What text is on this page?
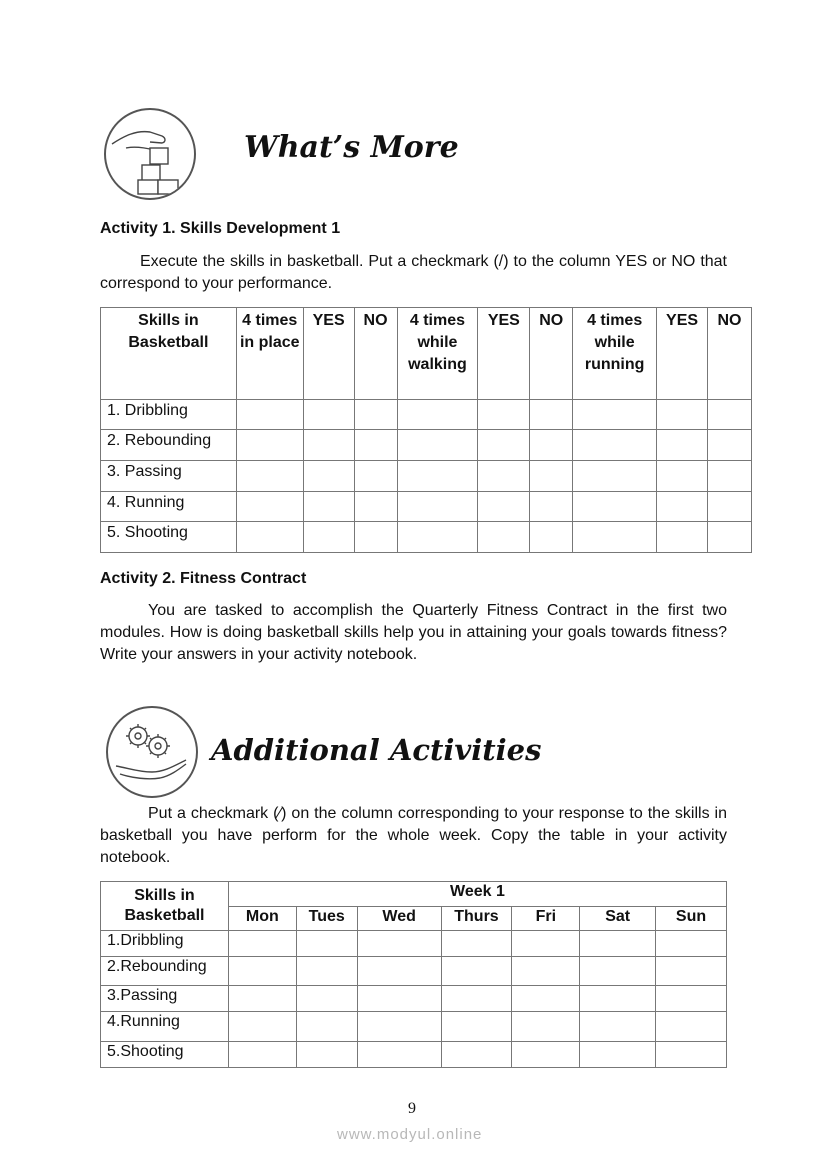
What’s More
Activity 1. Skills Development 1
Execute the skills in basketball. Put a checkmark (/) to the column YES or NO that correspond to your performance.
Skills in Basketball	4 times in place	YES	NO	4 times while walking	YES	NO	4 times while running	YES	NO
1. Dribbling									
2. Rebounding									
3. Passing									
4. Running									
5. Shooting									
Activity 2. Fitness Contract
You are tasked to accomplish the Quarterly Fitness Contract in the first two modules. How is doing basketball skills help you in attaining your goals towards fitness? Write your answers in your activity notebook.
Additional Activities
Put a checkmark (∕) on the column corresponding to your response to the skills in basketball you have perform for the whole week. Copy the table in your activity notebook.
Skills in Basketball	Week 1						
	Mon	Tues	Wed	Thurs	Fri	Sat	Sun
1.Dribbling							
2.Rebounding							
3.Passing							
4.Running							
5.Shooting							
9
www.modyul.online
